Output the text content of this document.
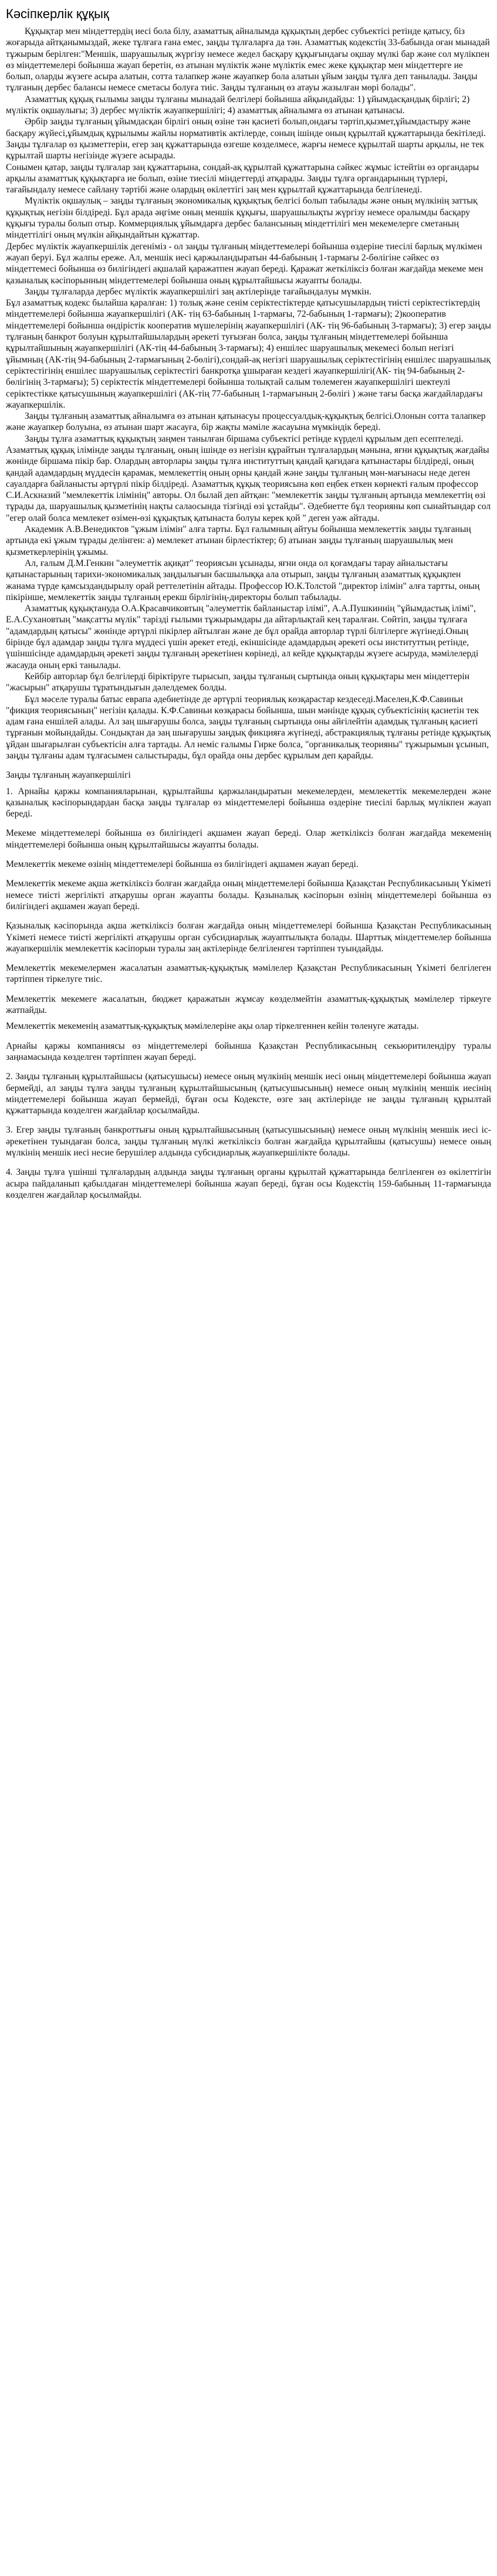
Кәсіпкерлік құқық

Құқықтар мен міндеттердің иесі бола білу, азаматтық айналымда құқықтың дербес субъектісі ретінде қатысу, біз жоғарыда айтқанымыздай, жеке тұлғаға ғана емес, заңды тұлғаларға да тән. Азаматтық кодекстің 33-бабында оған мынадай тұжырым берілген:"Меншік, шаруашылық жүргізу немесе жедел басқару құқығындағы оқшау мүлкі бар және сол мүлікпен өз міндеттемелері бойынша жауап беретін, өз атынан мүліктік және мүліктік емес жеке құқықтар мен міндеттерге ие болып, оларды жүзеге асыра алатын, сотта талапкер және жауапкер бола алатын ұйым заңды тұлға деп танылады. Заңды тұлғаның дербес балансы немесе сметасы болуға тиіс. Заңды тұлғаның өз атауы жазылған мөрі болады".

Азаматтық құқық ғылымы заңды тұлғаны мынадай белгілері бойынша айқындайды: 1) ұйымдасқандық бірлігі; 2) мүліктік оқшаулығы; 3) дербес мүліктік жауапкершілігі; 4) азаматтық айналымға өз атынан қатынасы.

Әрбір заңды тұлғаның ұйымдасқан бірлігі оның өзіне тән қасиеті болып,ондағы тәртіп,қызмет,ұйымдастыру және басқару жүйесі,ұйымдық құрылымы жайлы нормативтік актілерде, соның ішінде оның құрылтай құжаттарында бекітіледі.

Заңды тұлғалар өз қызметтерін, егер заң құжаттарында өзгеше көзделмесе, жарғы немесе құрылтай шарты арқылы, не тек құрылтай шарты негізінде жүзеге асырады.

Сонымен қатар, заңды тұлғалар заң құжаттарына, сондай-ақ құрылтай құжаттарына сәйкес жұмыс істейтін өз органдары арқылы азаматтық құқықтарға ие болып, өзіне тиесілі міндеттерді атқарады. Заңды тұлға органдарының түрлері, тағайындалу немесе сайлану тәртібі және олардың өкілеттігі заң мен құрылтай құжаттарында белгіленеді.

Мүліктік оқшаулық – заңды тұлғаның экономикалық құқықтық белгісі болып табылады және оның мүлкінің заттық құқықтық негізін білдіреді. Бұл арада әңгіме оның меншік құқығы, шаруашылықты жүргізу немесе оралымды басқару құқығы туралы болып отыр. Коммерциялық ұйымдарға дербес балансының міндеттілігі мен мекемелерге сметаның міндеттілігі оның мүлкін айқындайтын құжаттар.

Дербес мүліктік жауапкершілік дегеніміз - ол заңды тұлғаның міндеттемелері бойынша өздеріне тиесілі барлық мүлкімен жауап беруі. Бұл жалпы ереже. Ал, меншік иесі қаржыландыратын 44-бабының 1-тармағы 2-бөлігіне сәйкес өз міндеттемесі бойынша өз билігіндегі ақшалай қаражатпен жауап береді. Қаражат жеткіліксіз болған жағдайда мекеме мен қазыналық кәсіпорынның міндеттемелері бойынша оның құрылтайшысы жауапты болады.

Заңды тұлғаларда дербес мүліктік жауапкершілігі заң актілерінде тағайындалуы мүмкін.

Бұл азаматтық кодекс былайша қаралған: 1) толық және сенім серіктестіктерде қатысушылардың тиісті серіктестіктердің міндеттемелері бойынша жауапкершілігі (АК- тің 63-бабының 1-тармағы, 72-бабының 1-тармағы); 2)кооператив міндеттемелері бойынша өндірістік кооператив мүшелерінің жауапкершілігі (АК- тің 96-бабының 3-тармағы); 3) егер заңды тұлғаның банкрот болуын құрылтайшылардың әрекеті туғызған болса, заңды тұлғаның міндеттемелері бойынша құрылтайшының жауапкершілігі (АК-тің 44-бабының 3-тармағы); 4) еншілес шаруашылық мекемесі болып негізгі ұйымның (АК-тің 94-бабының 2-тармағының 2-бөлігі),сондай-ақ негізгі шаруашылық серіктестігінің еншілес шаруашылық серіктестігінің еншілес шаруашылық серіктестігі банкротқа ұшыраған кездегі жауапкершілігі(АК- тің 94-бабының 2-бөлігінің 3-тармағы); 5) серіктестік міндеттемелері бойынша толықтай салым төлемеген жауапкершілігі шектеулі серіктестікке қатысушының жауапкершілігі (АК-тің 77-бабының 1-тармағының 2-бөлігі ) және тағы басқа жағдайлардағы жауапкершілік.

Заңды тұлғаның азаматтық айналымға өз атынан қатынасуы процессуалдық-құқықтық белгісі.Олонын сотта талапкер және жауапкер болуына, өз атынан шарт жасауға, бір жақты мәміле жасауына мүмкіндік береді.

Заңды тұлға азаматтық құқықтың заңмен танылған біршама субъектісі ретінде күрделі құрылым деп есептеледі. Азаматтық құқық ілімінде заңды тұлғаның, оның ішінде өз негізін құрайтын тұлғалардың мәнына, яғни құқықтық жағдайы жөнінде біршама пікір бар. Олардың авторлары заңды тұлға институттың қандай қағидаға қатынастары білдіреді, оның қандай адамдардың мүддесін қарамак, мемлекеттің оның орны қандай және заңды тұлғаның мән-мағынасы неде деген сауалдарға байланысты әртүрлі пікір білдіреді. Азаматтық құқық теориясына көп еңбек еткен көрнекті ғалым профессор С.И.Аскназий "мемлекеттік ілімінің" авторы. Ол былай деп айтқан: "мемлекеттік заңды тұлғаның артында мемлекеттің өзі тұрады да, шаруашылық қызметінің нақты салаосында тізгінді өзі ұстайды". Әдебиетте бұл теорияны көп сынайтындар сол "егер олай болса мемлекет өзімен-өзі құқықтық қатынаста болуы керек қой " деген уәж айтады.

Академик А.В.Венедиктов "ұжым ілімін" алға тарты. Бұл ғалымның айтуы бойынша мемлекеттік заңды тұлғаның артында екі ұжым тұрады делінген: а) мемлекет атынан бірлестіктер; б) атынан заңды тұлғаның шаруашылық мен қызметкерлерінің ұжымы.

Ал, ғалым Д.М.Генкин "әлеуметтік ақиқат" теориясын ұсынады, яғни онда ол қоғамдағы тарау айналыстағы қатынастарының тарихи-экономикалық заңдылығын басшылыққа ала отырып, заңды тұлғаның азаматтық құқықпен жанама түрде қамсыздандырылу орай реттелетінін айтады. Профессор Ю.К.Толстой "директор ілімін" алға тартты, оның пікірінше, мемлекеттік заңды тұлғаның ерекш бірлігінің-директоры болып табылады.

Азаматтық құқықтануда О.А.Красавчиковтың "әлеуметтік байланыстар ілімі", А.А.Пушкиннің "ұйымдастық ілімі", Е.А.Сухановтың "мақсатты мүлік" тарізді ғылыми тұжырымдары да айтарлықтай кең таралған. Сөйтіп, заңды тұлғаға "адамдардың қатысы" жөнінде әртүрлі пікірлер айтылған және де бұл орайда авторлар түрлі білгілерге жүгінеді.Оның бірінде бұл адамдар заңды тұлға мүддесі үшін әрекет етеді, екіншісінде адамдардың әрекеті осы институттың ретінде, үшіншісінде адамдардың әрекеті заңды тұлғаның әрекетінен көрінеді, ал кейде құқықтарды жүзеге асыруда, мәмілелерді жасауда оның еркі танылады.

Кейбір авторлар бұл белгілерді біріктіруге тырысып, заңды тұлғаның сыртында оның құқықтары мен міндеттерін "жасырын" атқарушы тұратындығын дәлелдемек болды.

Бұл мәселе туралы батыс еврапа әдебиетінде де әртүрлі теориялық көзқарастар кездеседі.Маселен,К.Ф.Савиньи "фикция теориясының" негізін қалады. К.Ф.Савиньи көзқарасы бойынша, шын мәнінде құқық субъектісінің қасиетін тек адам ғана еншілей алады. Ал заң шығарушы болса, заңды тұлғаның сыртында оны айғілейтін адамдық тұлғаның қасиеті тұрғанын мойындайды. Сондықтан да заң шығарушы заңдық фикцияға жүгінеді, абстракциялық тұлғаны ретінде құқықтық ұйдан шығарылған субъектісін алға тартады. Ал неміс ғалымы Гирке болса, "органикалық теорияны" тұжырымын ұсынып, заңды тұлғаны адам тұлғасымен салыстырады, бұл орайда оны дербес құрылым деп қарайды.

Заңды тұлғаның жауапкершілігі

1. Арнайы қаржы компанияларынан, құрылтайшы қаржыландыратын мекемелерден, мемлекеттік мекемелерден және қазыналық кәсіпорындардан басқа заңды тұлғалар өз міндеттемелері бойынша өздеріне тиесілі барлық мүлікпен жауап береді.

Мекеме міндеттемелері бойынша өз билігіндегі ақшамен жауап береді. Олар жеткіліксіз болған жағдайда мекеменің міндеттемелері бойынша оның құрылтайшысы жауапты болады.

Мемлекеттік мекеме өзінің міндеттемелері бойынша өз билігіндегі ақшамен жауап береді.

Мемлекеттік мекеме ақша жеткіліксіз болған жағдайда оның міндеттемелері бойынша Қазақстан Республикасының Үкіметі немесе тиісті жергілікті атқарушы орган жауапты болады. Қазыналық кәсіпорын өзінің міндеттемелері бойынша өз билігіндегі ақшамен жауап береді.

Қазыналық кәсіпорында ақша жеткіліксіз болған жағдайда оның міндеттемелері бойынша Қазақстан Республикасының Үкіметі немесе тиісті жергілікті атқарушы орган субсидиарлық жауаптылықта болады. Шарттық міндеттемелер бойынша жауапкершілік мемлекеттік кәсіпорын туралы заң актілерінде белгіленген тәртіппен туындайды.

Мемлекеттік мекемелермен жасалатын азаматтық-құқықтық мәмілелер Қазақстан Республикасының Үкіметі белгілеген тәртіппен тіркелуге тиіс.

Мемлекеттік мекемеге жасалатын, бюджет қаражатын жұмсау көзделмейтін азаматтық-құқықтық мәмілелер тіркеуге жатпайды.

Мемлекеттік мекеменің азаматтық-құқықтық мәмілелеріне ақы олар тіркелгеннен кейін төленуге жатады.

Арнайы қаржы компаниясы өз міндеттемелері бойынша Қазақстан Республикасының секьюритилендіру туралы заңнамасында көзделген тәртіппен жауап береді.

2. Заңды тұлғаның құрылтайшысы (қатысушысы) немесе оның мүлкінің меншік иесі оның міндеттемелері бойынша жауап бермейді, ал заңды тұлға заңды тұлғаның құрылтайшысының (қатысушысының) немесе оның мүлкінің меншік иесінің міндеттемелері бойынша жауап бермейді, бұған осы Кодексте, өзге заң актілерінде не заңды тұлғаның құрылтай құжаттарында көзделген жағдайлар қосылмайды.

3. Егер заңды тұлғаның банкроттығы оның құрылтайшысының (қатысушысының) немесе оның мүлкінің меншік иесі іс-әрекетінен туындаған болса, заңды тұлғаның мүлкі жеткіліксіз болған жағдайда құрылтайшы (қатысушы) немесе оның мүлкінің меншік иесі несие берушілер алдында субсидиарлық жауапкершілікте болады.

4. Заңды тұлға үшінші тұлғалардың алдында заңды тұлғаның органы құрылтай құжаттарында белгіленген өз өкілеттігін асыра пайдаланып қабылдаған міндеттемелері бойынша жауап береді, бұған осы Кодекстің 159-бабының 11-тармағында көзделген жағдайлар қосылмайды.
